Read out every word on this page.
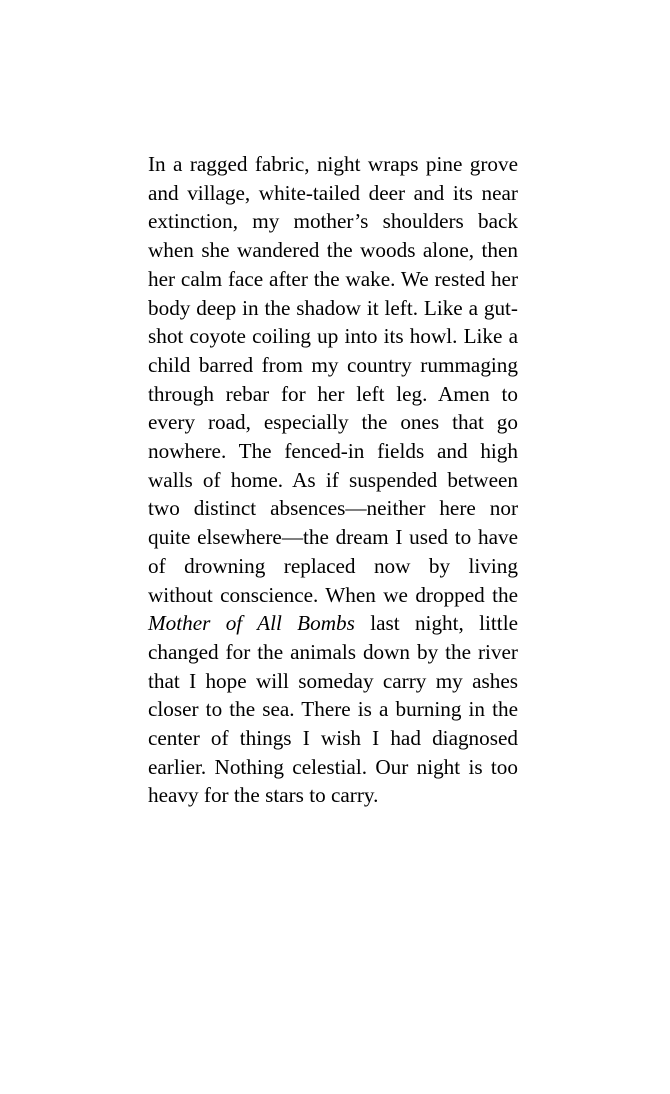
In a ragged fabric, night wraps pine grove and village, white-tailed deer and its near extinction, my mother’s shoulders back when she wandered the woods alone, then her calm face after the wake. We rested her body deep in the shadow it left. Like a gut-shot coyote coiling up into its howl. Like a child barred from my country rummaging through rebar for her left leg. Amen to every road, especially the ones that go nowhere. The fenced-in fields and high walls of home. As if suspended between two distinct absences—neither here nor quite elsewhere—the dream I used to have of drowning replaced now by living without conscience. When we dropped the Mother of All Bombs last night, little changed for the animals down by the river that I hope will someday carry my ashes closer to the sea. There is a burning in the center of things I wish I had diagnosed earlier. Nothing celestial. Our night is too heavy for the stars to carry.
